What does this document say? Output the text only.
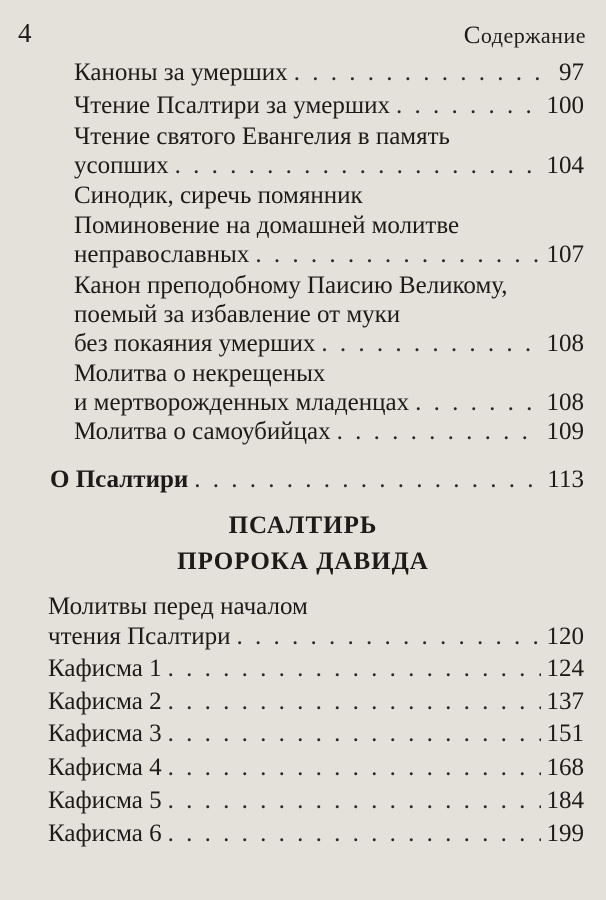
4	Содержание
Каноны за умерших . . .	97
Чтение Псалтири за умерших . . .	100
Чтение святого Евангелия в память
усопших . . .	104
Синодик, сиречь помянник
Поминовение на домашней молитве
неправославных . . .	107
Канон преподобному Паисию Великому,
поемый за избавление от муки
без покаяния умерших . . .	108
Молитва о некрещеных
и мертворожденных младенцах . . .	108
Молитва о самоубийцах . . .	109
О Псалтири . . .	113
ПСАЛТИРЬ
ПРОРОКА ДАВИДА
Молитвы перед началом
чтения Псалтири . . .	120
Кафисма 1 . . .	124
Кафисма 2 . . .	137
Кафисма 3 . . .	151
Кафисма 4 . . .	168
Кафисма 5 . . .	184
Кафисма 6 . . .	199
